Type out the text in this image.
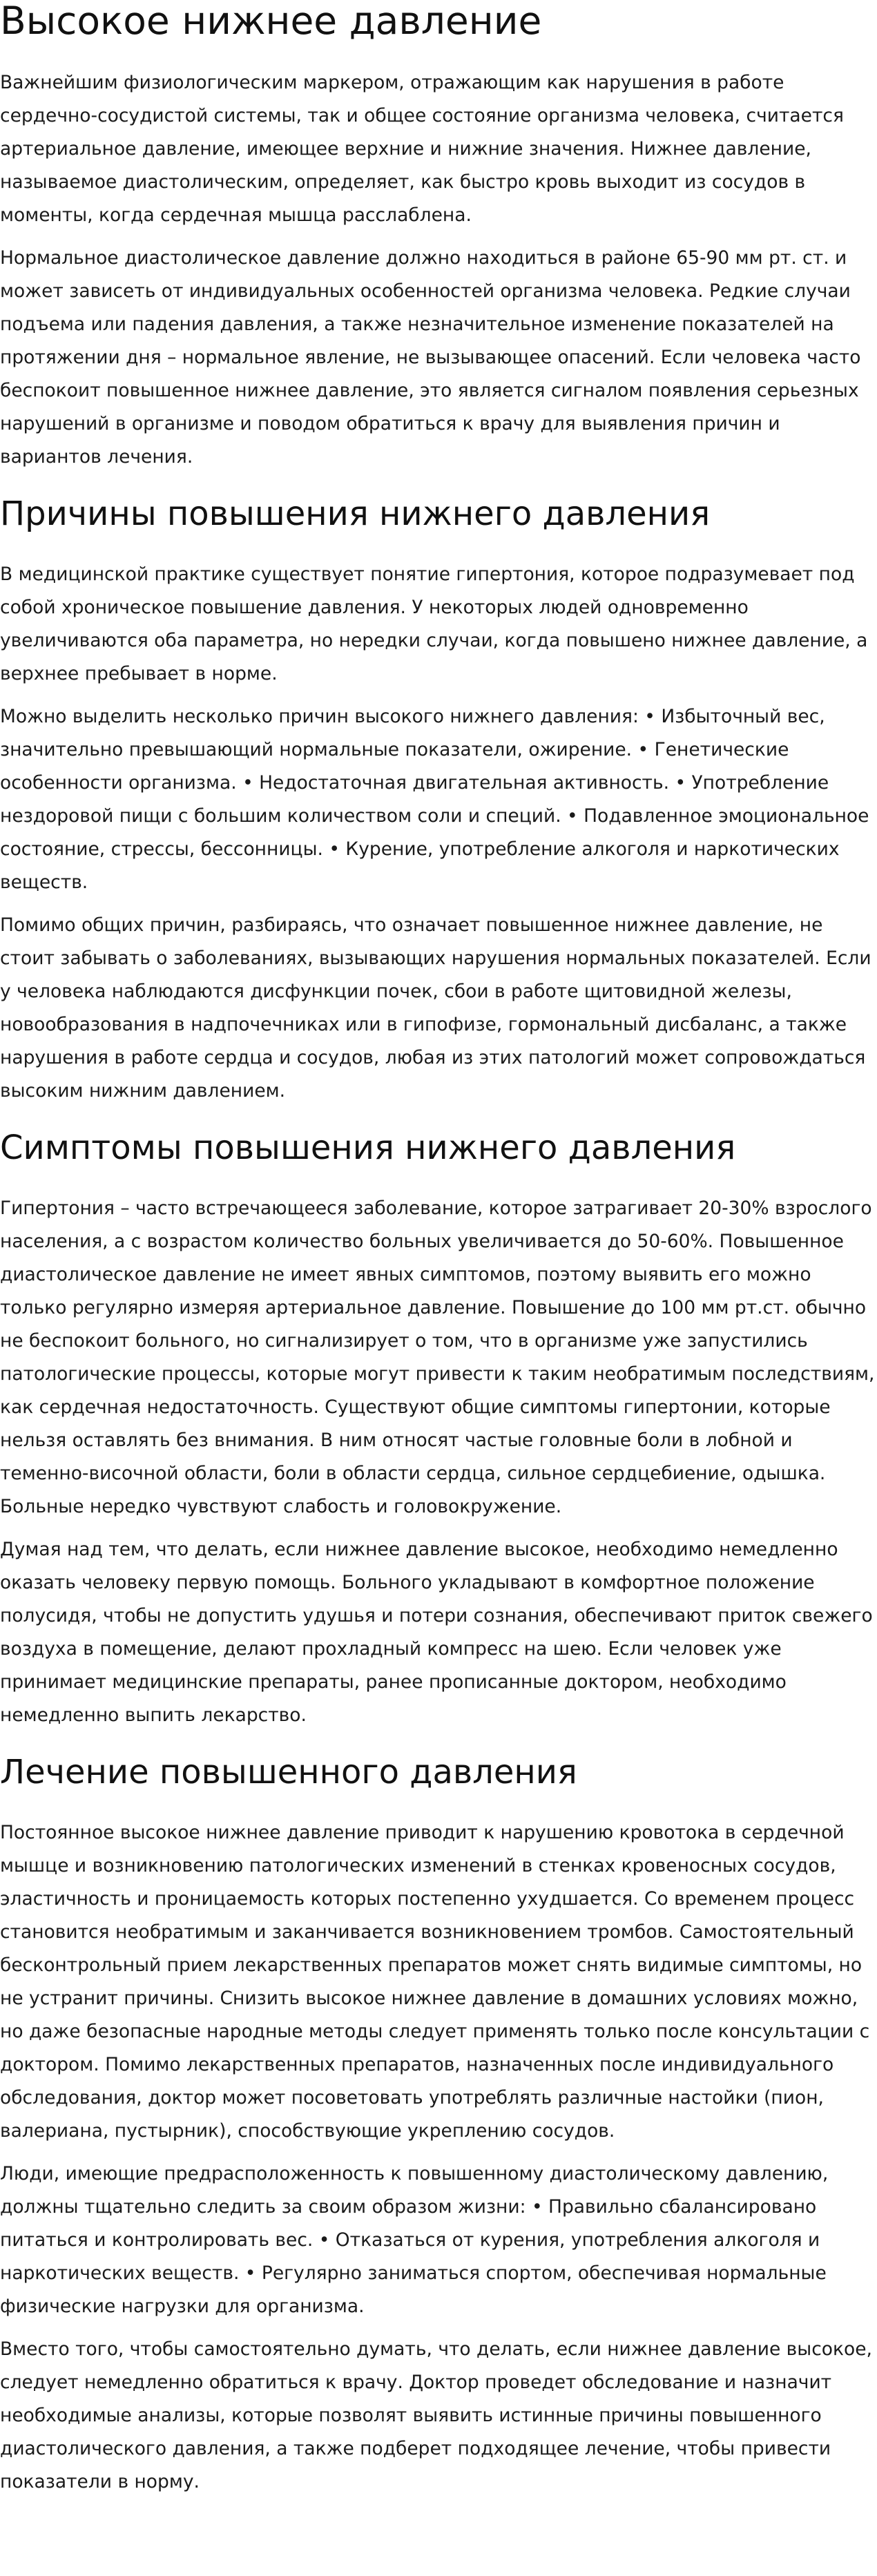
Высокое нижнее давление

Важнейшим физиологическим маркером, отражающим как нарушения в работе сердечно-сосудистой системы, так и общее состояние организма человека, считается артериальное давление, имеющее верхние и нижние значения. Нижнее давление, называемое диастолическим, определяет, как быстро кровь выходит из сосудов в моменты, когда сердечная мышца расслаблена.

Нормальное диастолическое давление должно находиться в районе 65-90 мм рт. ст. и может зависеть от индивидуальных особенностей организма человека. Редкие случаи подъема или падения давления, а также незначительное изменение показателей на протяжении дня – нормальное явление, не вызывающее опасений. Если человека часто беспокоит повышенное нижнее давление, это является сигналом появления серьезных нарушений в организме и поводом обратиться к врачу для выявления причин и вариантов лечения.

Причины повышения нижнего давления

В медицинской практике существует понятие гипертония, которое подразумевает под собой хроническое повышение давления. У некоторых людей одновременно увеличиваются оба параметра, но нередки случаи, когда повышено нижнее давление, а верхнее пребывает в норме.

Можно выделить несколько причин высокого нижнего давления: • Избыточный вес, значительно превышающий нормальные показатели, ожирение. • Генетические особенности организма. • Недостаточная двигательная активность. • Употребление нездоровой пищи с большим количеством соли и специй. • Подавленное эмоциональное состояние, стрессы, бессонницы. • Курение, употребление алкоголя и наркотических веществ.

Помимо общих причин, разбираясь, что означает повышенное нижнее давление, не стоит забывать о заболеваниях, вызывающих нарушения нормальных показателей. Если у человека наблюдаются дисфункции почек, сбои в работе щитовидной железы, новообразования в надпочечниках или в гипофизе, гормональный дисбаланс, а также нарушения в работе сердца и сосудов, любая из этих патологий может сопровождаться высоким нижним давлением.

Симптомы повышения нижнего давления

Гипертония – часто встречающееся заболевание, которое затрагивает 20-30% взрослого населения, а с возрастом количество больных увеличивается до 50-60%. Повышенное диастолическое давление не имеет явных симптомов, поэтому выявить его можно только регулярно измеряя артериальное давление. Повышение до 100 мм рт.ст. обычно не беспокоит больного, но сигнализирует о том, что в организме уже запустились патологические процессы, которые могут привести к таким необратимым последствиям, как сердечная недостаточность. Существуют общие симптомы гипертонии, которые нельзя оставлять без внимания. В ним относят частые головные боли в лобной и теменно-височной области, боли в области сердца, сильное сердцебиение, одышка. Больные нередко чувствуют слабость и головокружение.

Думая над тем, что делать, если нижнее давление высокое, необходимо немедленно оказать человеку первую помощь. Больного укладывают в комфортное положение полусидя, чтобы не допустить удушья и потери сознания, обеспечивают приток свежего воздуха в помещение, делают прохладный компресс на шею. Если человек уже принимает медицинские препараты, ранее прописанные доктором, необходимо немедленно выпить лекарство.

Лечение повышенного давления

Постоянное высокое нижнее давление приводит к нарушению кровотока в сердечной мышце и возникновению патологических изменений в стенках кровеносных сосудов, эластичность и проницаемость которых постепенно ухудшается. Со временем процесс становится необратимым и заканчивается возникновением тромбов. Самостоятельный бесконтрольный прием лекарственных препаратов может снять видимые симптомы, но не устранит причины. Снизить высокое нижнее давление в домашних условиях можно, но даже безопасные народные методы следует применять только после консультации с доктором. Помимо лекарственных препаратов, назначенных после индивидуального обследования, доктор может посоветовать употреблять различные настойки (пион, валериана, пустырник), способствующие укреплению сосудов.

Люди, имеющие предрасположенность к повышенному диастолическому давлению, должны тщательно следить за своим образом жизни: • Правильно сбалансировано питаться и контролировать вес. • Отказаться от курения, употребления алкоголя и наркотических веществ. • Регулярно заниматься спортом, обеспечивая нормальные физические нагрузки для организма.

Вместо того, чтобы самостоятельно думать, что делать, если нижнее давление высокое, следует немедленно обратиться к врачу. Доктор проведет обследование и назначит необходимые анализы, которые позволят выявить истинные причины повышенного диастолического давления, а также подберет подходящее лечение, чтобы привести показатели в норму.
